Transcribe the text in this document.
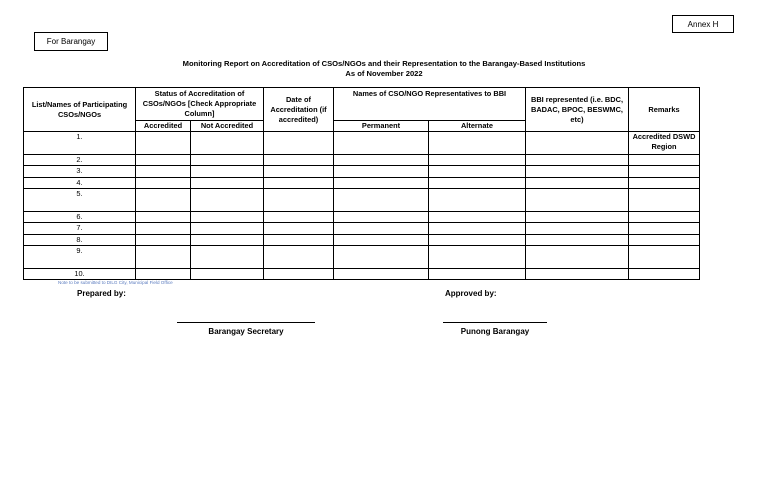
Annex H
For Barangay
Monitoring Report on Accreditation of CSOs/NGOs and their Representation to the Barangay-Based Institutions
As of November 2022
List/Names of Participating CSOs/NGOs	Status of Accreditation of CSOs/NGOs [Check Appropriate Column]		Date of Accreditation (if accredited)	Names of CSO/NGO Representatives to BBI		BBI represented (i.e. BDC, BADAC, BPOC, BESWMC, etc)	Remarks
	Accredited	Not Accredited		Permanent	Alternate		
1.							Accredited DSWD Region
2.							
3.							
4.							
5.							
6.							
7.							
8.							
9.							
10.							
Note to be submitted to DILG City, Municipal Field Office
Prepared by:	Approved by:
Barangay Secretary	Punong Barangay
